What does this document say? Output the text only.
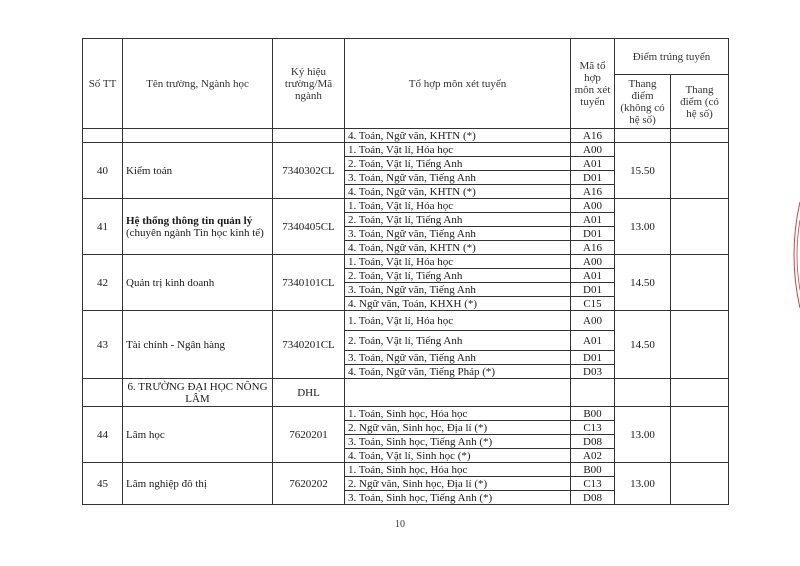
Số TT	Tên trường, Ngành học	Ký hiệu trường/Mã ngành	Tổ hợp môn xét tuyển	Mã tổ hợp môn xét tuyển	Điểm trúng tuyển	
					Thang điểm (không có hệ số)	Thang điểm (có hệ số)
			4. Toán, Ngữ văn, KHTN (*)	A16		
40	Kiểm toán	7340302CL	1. Toán, Vật lí, Hóa học	A00	15.50	
			2. Toán, Vật lí, Tiếng Anh	A01		
			3. Toán, Ngữ văn, Tiếng Anh	D01		
			4. Toán, Ngữ văn, KHTN (*)	A16		
41	Hệ thống thông tin quản lý (chuyên ngành Tin học kinh tế)	7340405CL	1. Toán, Vật lí, Hóa học	A00	13.00	
			2. Toán, Vật lí, Tiếng Anh	A01		
			3. Toán, Ngữ văn, Tiếng Anh	D01		
			4. Toán, Ngữ văn, KHTN (*)	A16		
42	Quản trị kinh doanh	7340101CL	1. Toán, Vật lí, Hóa học	A00	14.50	
			2. Toán, Vật lí, Tiếng Anh	A01		
			3. Toán, Ngữ văn, Tiếng Anh	D01		
			4. Ngữ văn, Toán, KHXH (*)	C15		
43	Tài chính - Ngân hàng	7340201CL	1. Toán, Vật lí, Hóa học	A00	14.50	
			2. Toán, Vật lí, Tiếng Anh	A01		
			3. Toán, Ngữ văn, Tiếng Anh	D01		
			4. Toán, Ngữ văn, Tiếng Pháp (*)	D03		
	6. TRƯỜNG ĐẠI HỌC NÔNG LÂM	DHL				
44	Lâm học	7620201	1. Toán, Sinh học, Hóa học	B00	13.00	
			2. Ngữ văn, Sinh học, Địa lí (*)	C13		
			3. Toán, Sinh học, Tiếng Anh (*)	D08		
			4. Toán, Vật lí, Sinh học (*)	A02		
45	Lâm nghiệp đô thị	7620202	1. Toán, Sinh học, Hóa học	B00	13.00	
			2. Ngữ văn, Sinh học, Địa lí (*)	C13		
			3. Toán, Sinh học, Tiếng Anh (*)	D08		
10
